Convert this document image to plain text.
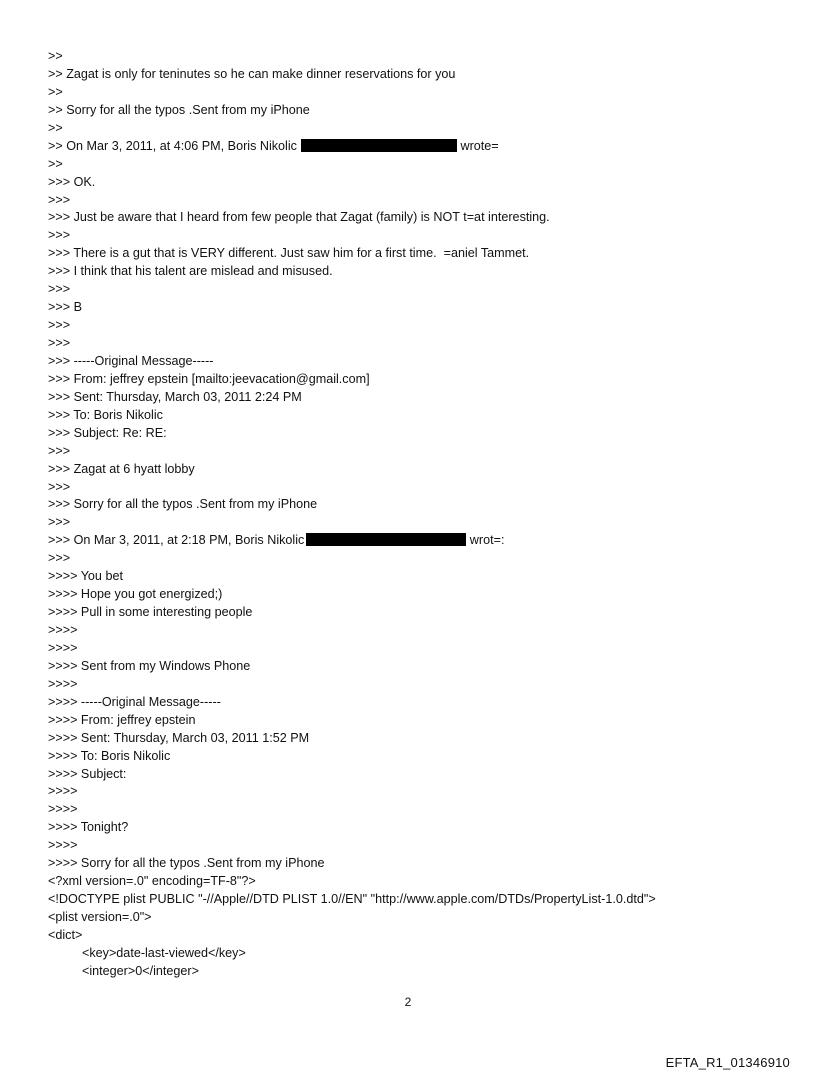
>>
>> Zagat is only for teninutes so he can make dinner reservations for you
>>
>> Sorry for all the typos .Sent from my iPhone
>>
>> On Mar 3, 2011, at 4:06 PM, Boris Nikolic	wrote=
>>
>>> OK.
>>>
>>> Just be aware that I heard from few people that Zagat (family) is NOT t=at interesting.
>>>
>>> There is a gut that is VERY different. Just saw him for a first time.  =aniel Tammet.
>>> I think that his talent are mislead and misused.
>>>
>>> B
>>>
>>>
>>> -----Original Message-----
>>> From: jeffrey epstein [mailto:jeevacation@gmail.com]
>>> Sent: Thursday, March 03, 2011 2:24 PM
>>> To: Boris Nikolic
>>> Subject: Re: RE:
>>>
>>> Zagat at 6 hyatt lobby
>>>
>>> Sorry for all the typos .Sent from my iPhone
>>>
>>> On Mar 3, 2011, at 2:18 PM, Boris Nikolic	wrot=:
>>>
>>>> You bet
>>>> Hope you got energized;)
>>>> Pull in some interesting people
>>>>
>>>>
>>>> Sent from my Windows Phone
>>>>
>>>> -----Original Message-----
>>>> From: jeffrey epstein
>>>> Sent: Thursday, March 03, 2011 1:52 PM
>>>> To: Boris Nikolic
>>>> Subject:
>>>>
>>>>
>>>> Tonight?
>>>>
>>>> Sorry for all the typos .Sent from my iPhone
<?xml version=.0" encoding=TF-8"?>
<!DOCTYPE plist PUBLIC "-//Apple//DTD PLIST 1.0//EN" "http://www.apple.com/DTDs/PropertyList-1.0.dtd">
<plist version=.0">
<dict>
<key>date-last-viewed</key>
<integer>0</integer>
2
EFTA_R1_01346910
